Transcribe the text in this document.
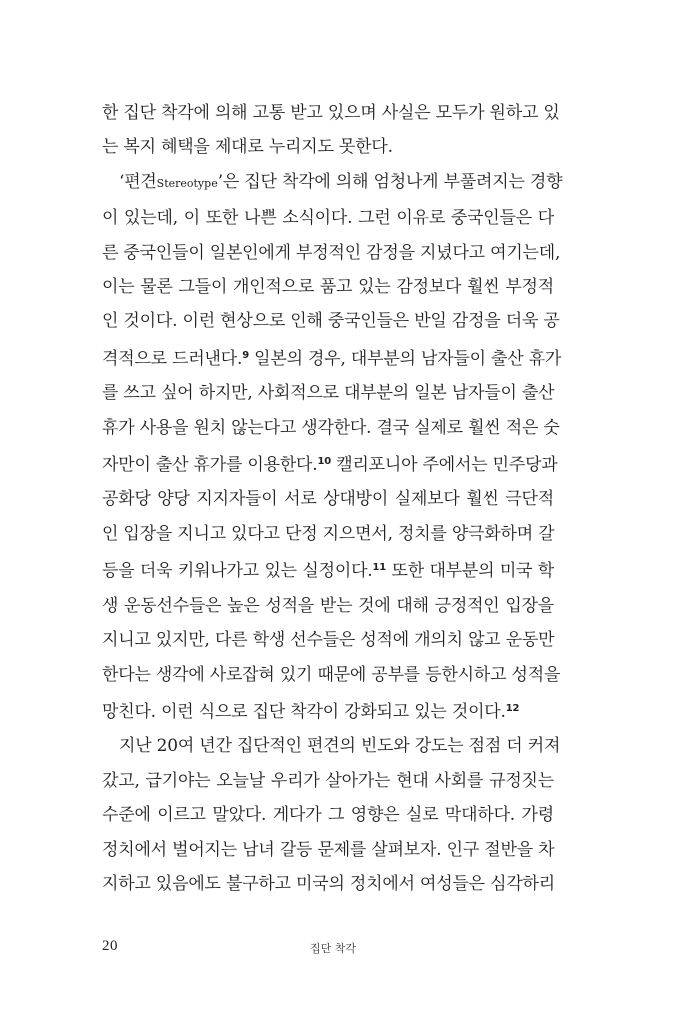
한 집단 착각에 의해 고통 받고 있으며 사실은 모두가 원하고 있
는 복지 혜택을 제대로 누리지도 못한다.

‘편견Stereotype’은 집단 착각에 의해 엄청나게 부풀려지는 경향
이 있는데, 이 또한 나쁜 소식이다. 그런 이유로 중국인들은 다
른 중국인들이 일본인에게 부정적인 감정을 지녔다고 여기는데,
이는 물론 그들이 개인적으로 품고 있는 감정보다 훨씬 부정적
인 것이다. 이런 현상으로 인해 중국인들은 반일 감정을 더욱 공
격적으로 드러낸다.$^9$ 일본의 경우, 대부분의 남자들이 출산 휴가
를 쓰고 싶어 하지만, 사회적으로 대부분의 일본 남자들이 출산
휴가 사용을 원치 않는다고 생각한다. 결국 실제로 훨씬 적은 숫
자만이 출산 휴가를 이용한다.$^{10}$ 캘리포니아 주에서는 민주당과
공화당 양당 지지자들이 서로 상대방이 실제보다 훨씬 극단적
인 입장을 지니고 있다고 단정 지으면서, 정치를 양극화하며 갈
등을 더욱 키워나가고 있는 실정이다.$^{11}$ 또한 대부분의 미국 학
생 운동선수들은 높은 성적을 받는 것에 대해 긍정적인 입장을
지니고 있지만, 다른 학생 선수들은 성적에 개의치 않고 운동만
한다는 생각에 사로잡혀 있기 때문에 공부를 등한시하고 성적을
망친다. 이런 식으로 집단 착각이 강화되고 있는 것이다.$^{12}$

지난 20여 년간 집단적인 편견의 빈도와 강도는 점점 더 커져
갔고, 급기야는 오늘날 우리가 살아가는 현대 사회를 규정짓는
수준에 이르고 말았다. 게다가 그 영향은 실로 막대하다. 가령
정치에서 벌어지는 남녀 갈등 문제를 살펴보자. 인구 절반을 차
지하고 있음에도 불구하고 미국의 정치에서 여성들은 심각하리

20	집단 착각
